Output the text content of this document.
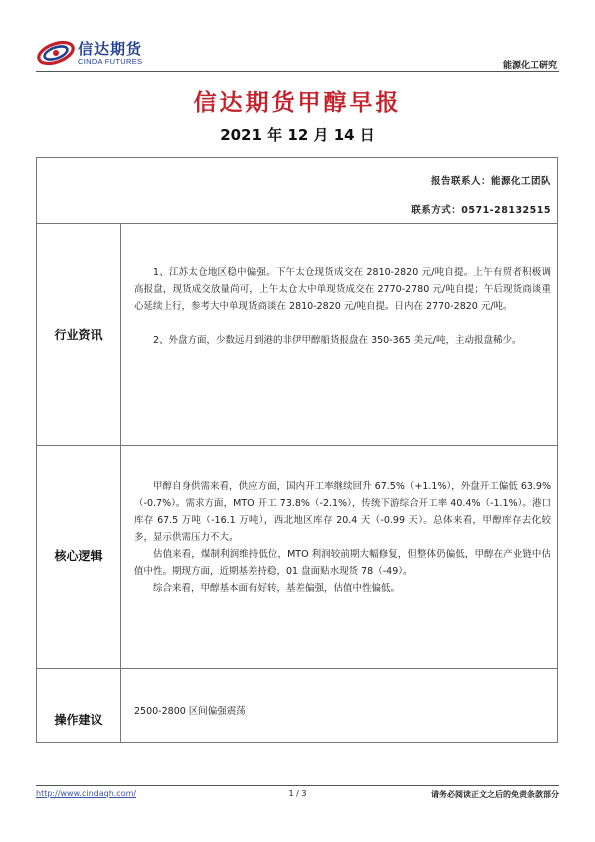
信达期货
CINDA FUTURES	能源化工研究
信达期货甲醇早报
2021 年 12 月 14 日
报告联系人：能源化工团队
联系方式：0571-28132515
行业资讯

1、江苏太仓地区稳中偏强。下午太仓现货成交在 2810-2820 元/吨自提。上午有贸者积极调高报盘，现货成交放量尚可，上午太仓大中单现货成交在 2770-2780 元/吨自提；午后现货商谈重心延续上行，参考大中单现货商谈在 2810-2820 元/吨自提。日内在 2770-2820 元/吨。

2、外盘方面，少数远月到港的非伊甲醇船货报盘在 350-365 美元/吨，主动报盘稀少。

核心逻辑

甲醇自身供需来看，供应方面，国内开工率继续回升 67.5%（+1.1%），外盘开工偏低 63.9%（-0.7%）。需求方面，MTO 开工 73.8%（-2.1%），传统下游综合开工率 40.4%（-1.1%）。港口库存 67.5 万吨（-16.1 万吨），西北地区库存 20.4 天（-0.99 天）。总体来看，甲醇库存去化较多，显示供需压力不大。

估值来看，煤制利润维持低位，MTO 利润较前期大幅修复，但整体仍偏低，甲醇在产业链中估值中性。期现方面，近期基差持稳，01 盘面贴水现货 78（-49）。

综合来看，甲醇基本面有好转，基差偏强，估值中性偏低。

操作建议

2500-2800 区间偏强震荡

http://www.cindaqh.com/	1 / 3	请务必阅读正文之后的免责条款部分
